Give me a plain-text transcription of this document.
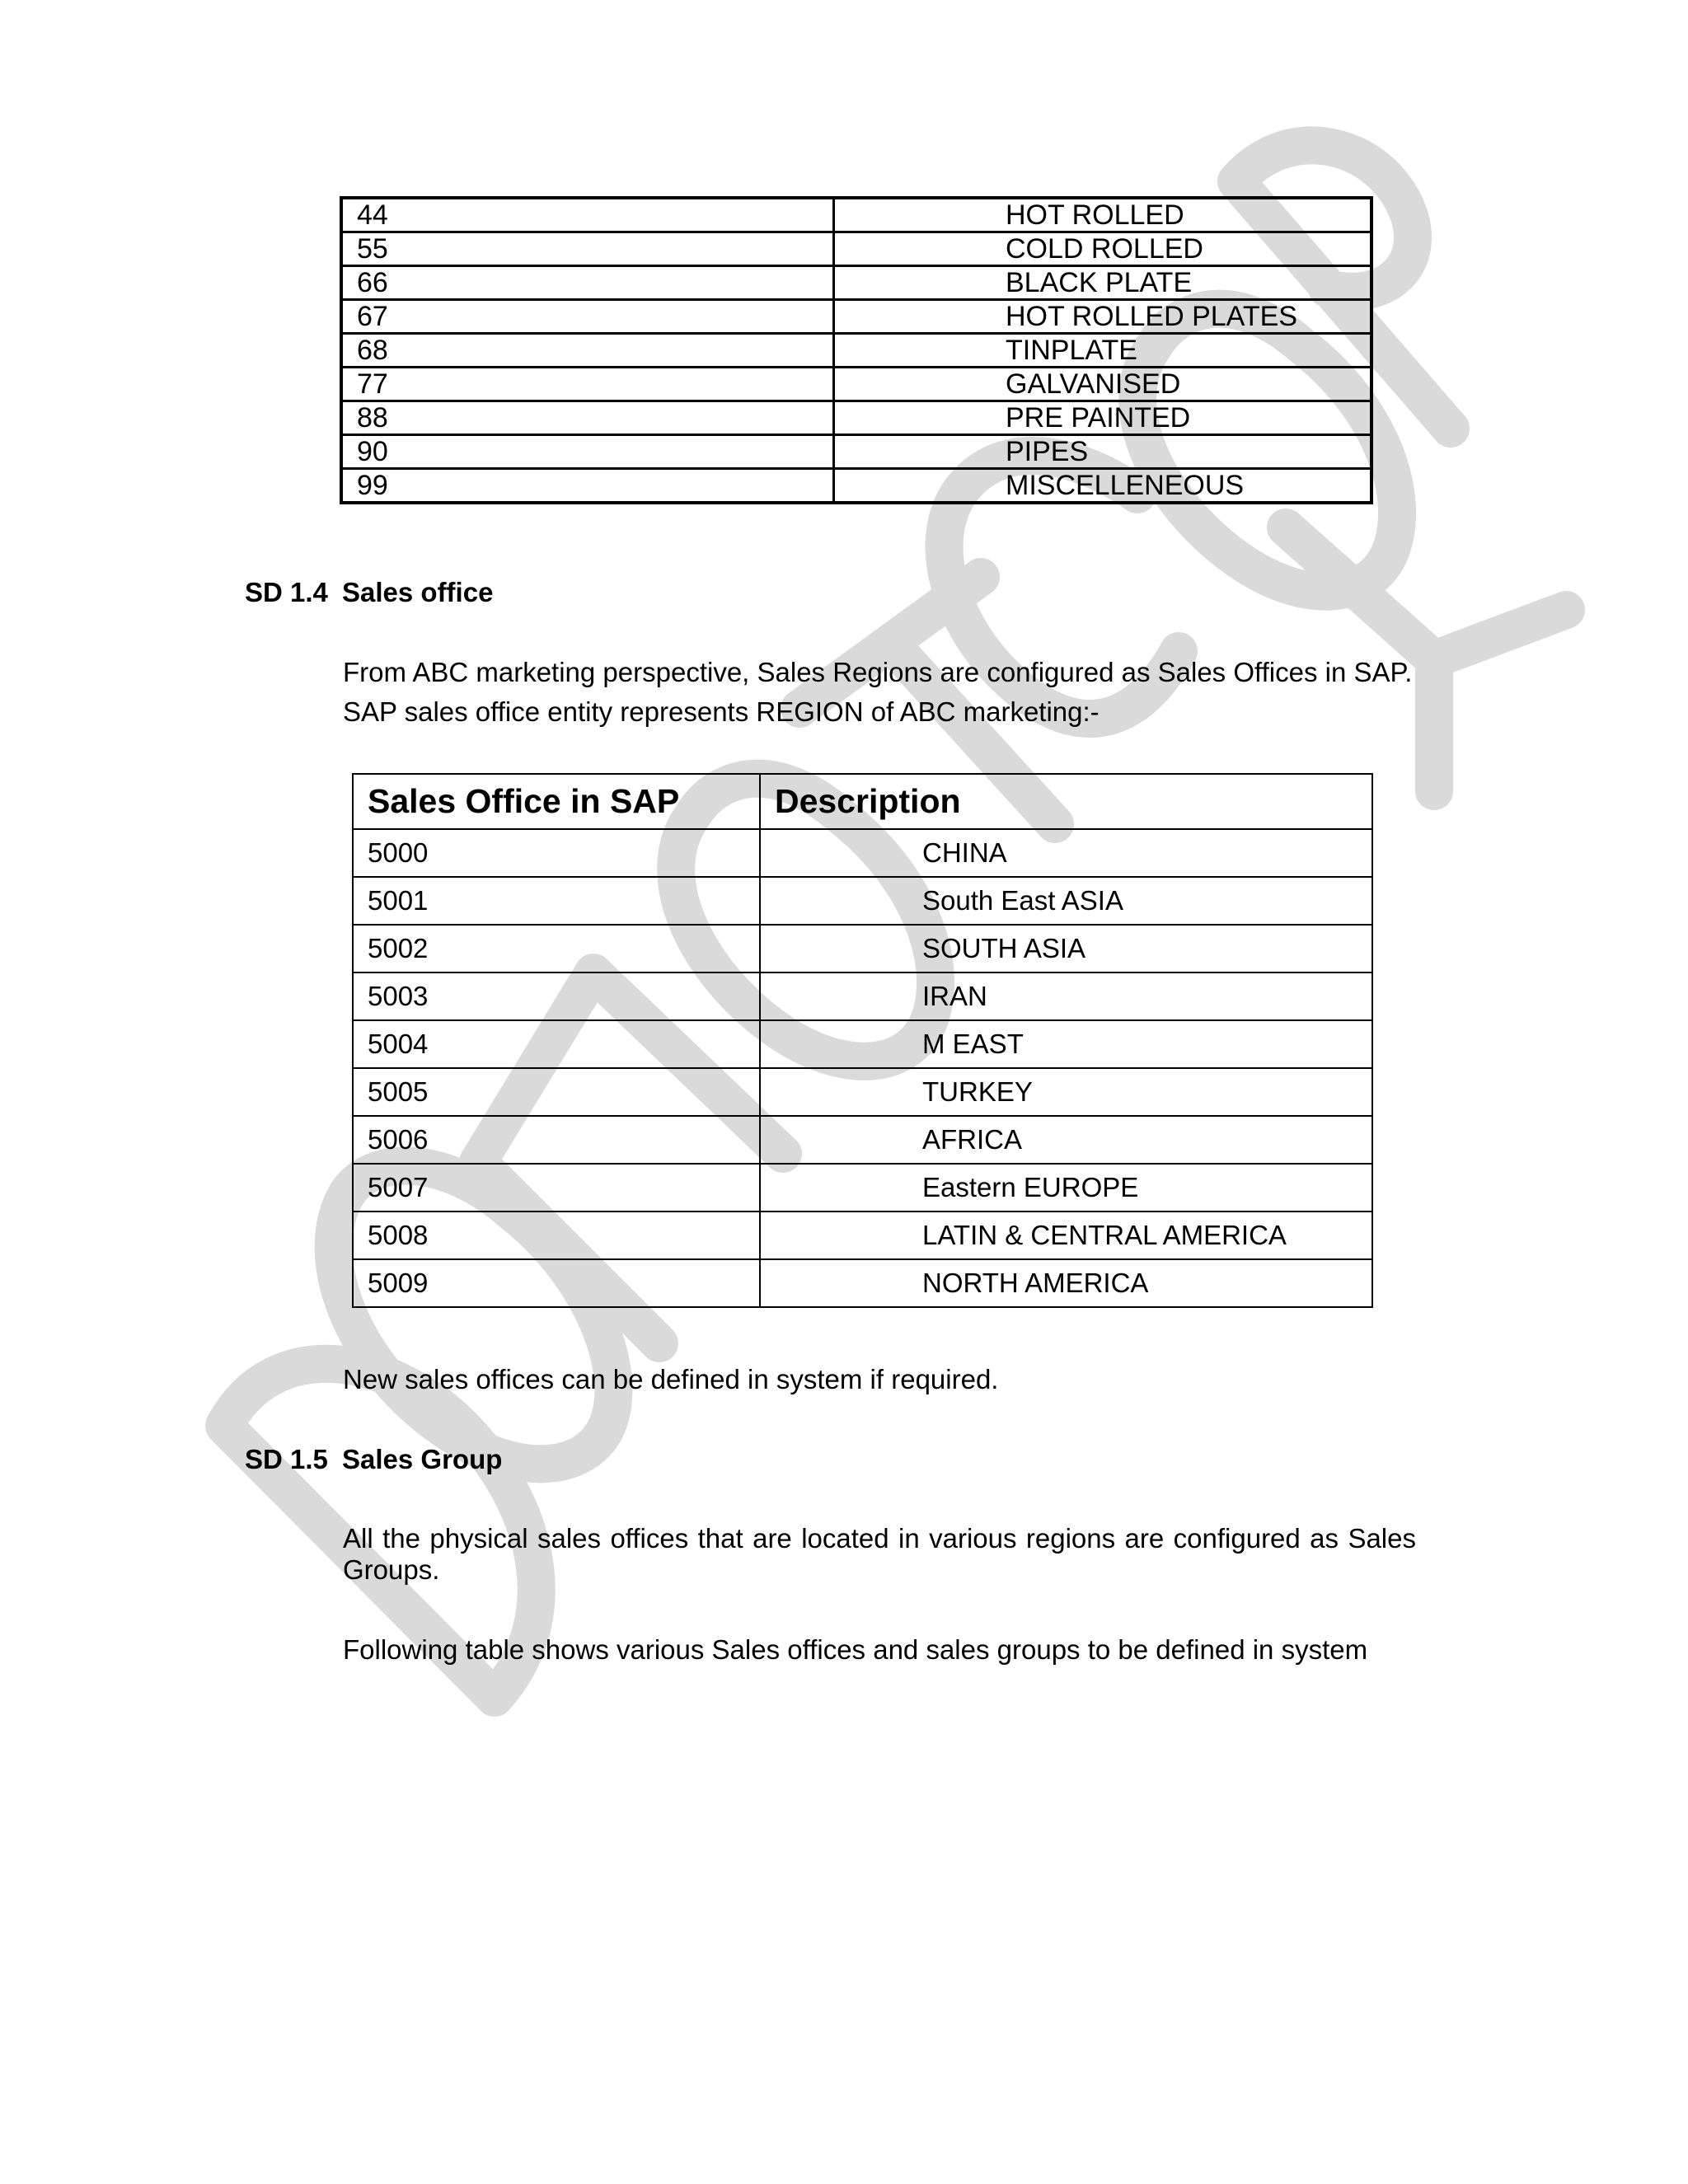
44	HOT ROLLED
55	COLD ROLLED
66	BLACK PLATE
67	HOT ROLLED PLATES
68	TINPLATE
77	GALVANISED
88	PRE PAINTED
90	PIPES
99	MISCELLENEOUS
SD 1.4 Sales office

From ABC marketing perspective, Sales Regions are configured as Sales Offices in SAP.
SAP sales office entity represents REGION of ABC marketing:-

Sales Office in SAP	Description
5000	CHINA
5001	South East ASIA
5002	SOUTH ASIA
5003	IRAN
5004	M EAST
5005	TURKEY
5006	AFRICA
5007	Eastern EUROPE
5008	LATIN & CENTRAL AMERICA
5009	NORTH AMERICA

New sales offices can be defined in system if required.

SD 1.5 Sales Group

All the physical sales offices that are located in various regions are configured as Sales
Groups.

Following table shows various Sales offices and sales groups to be defined in system
